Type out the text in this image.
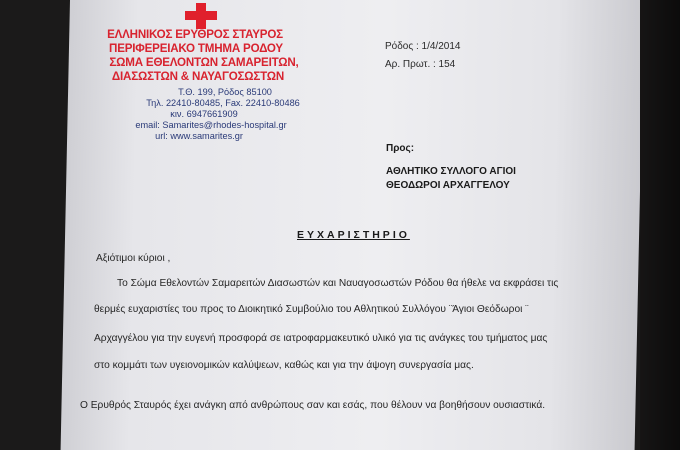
ΕΛΛΗΝΙΚΟΣ ΕΡΥΘΡΟΣ ΣΤΑΥΡΟΣ
ΠΕΡΙΦΕΡΕΙΑΚΟ ΤΜΗΜΑ ΡΟΔΟΥ
ΣΩΜΑ ΕΘΕΛΟΝΤΩΝ ΣΑΜΑΡΕΙΤΩΝ,
ΔΙΑΣΩΣΤΩΝ & ΝΑΥΑΓΟΣΩΣΤΩΝ
Τ.Θ. 199, Ρόδος 85100
Τηλ. 22410-80485, Fax. 22410-80486
κιν. 6947661909
email: Samarites@rhodes-hospital.gr
url: www.samarites.gr
Ρόδος : 1/4/2014
Αρ. Πρωτ. : 154
Προς:
ΑΘΛΗΤΙΚΟ ΣΥΛΛΟΓΟ ΑΓΙΟΙ
ΘΕΟΔΩΡΟΙ ΑΡΧΑΓΓΕΛΟΥ
ΕΥΧΑΡΙΣΤΗΡΙΟ
Αξιότιμοι κύριοι ,
Το Σώμα Εθελοντών Σαμαρειτών Διασωστών και Ναυαγοσωστών Ρόδου θα ήθελε να εκφράσει τις
θερμές ευχαριστίες του προς το Διοικητικό Συμβούλιο του Αθλητικού Συλλόγου ¨Άγιοι Θεόδωροι ¨
Αρχαγγέλου για την ευγενή προσφορά σε ιατροφαρμακευτικό υλικό για τις ανάγκες του τμήματος μας
στο κομμάτι των υγειονομικών καλύψεων, καθώς και για την άψογη συνεργασία μας.
Ο Ερυθρός Σταυρός έχει ανάγκη από ανθρώπους σαν και εσάς, που θέλουν να βοηθήσουν ουσιαστικά.
